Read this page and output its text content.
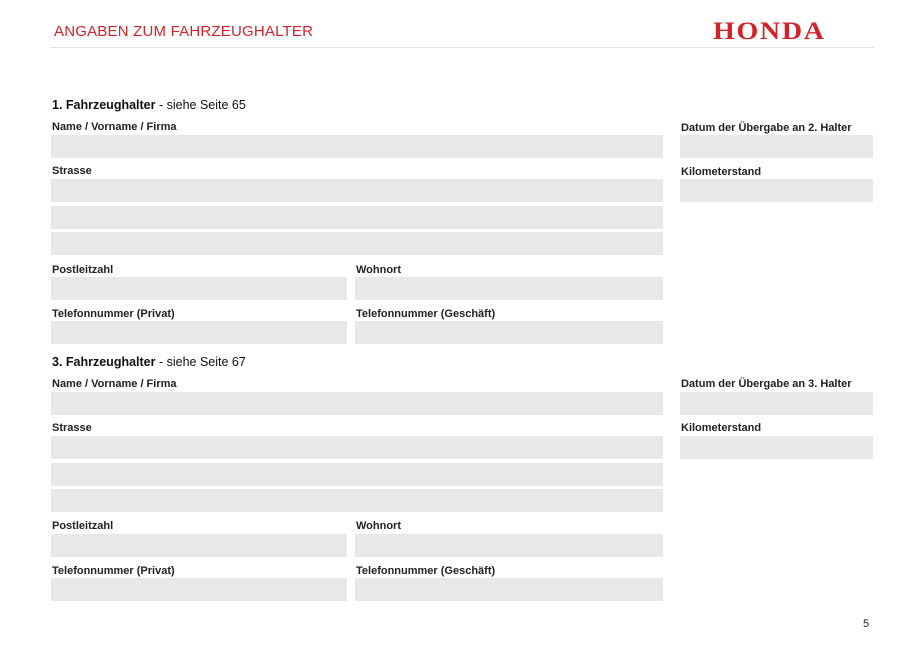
ANGABEN ZUM FAHRZEUGHALTER	HONDA
1. Fahrzeughalter - siehe Seite 65
Name / Vorname / Firma
Strasse
Postleitzahl	Wohnort
Telefonnummer (Privat)	Telefonnummer (Geschäft)
Datum der Übergabe an 2. Halter
Kilometerstand
3. Fahrzeughalter - siehe Seite 67
Name / Vorname / Firma
Strasse
Postleitzahl	Wohnort
Telefonnummer (Privat)	Telefonnummer (Geschäft)
Datum der Übergabe an 3. Halter
Kilometerstand
5
